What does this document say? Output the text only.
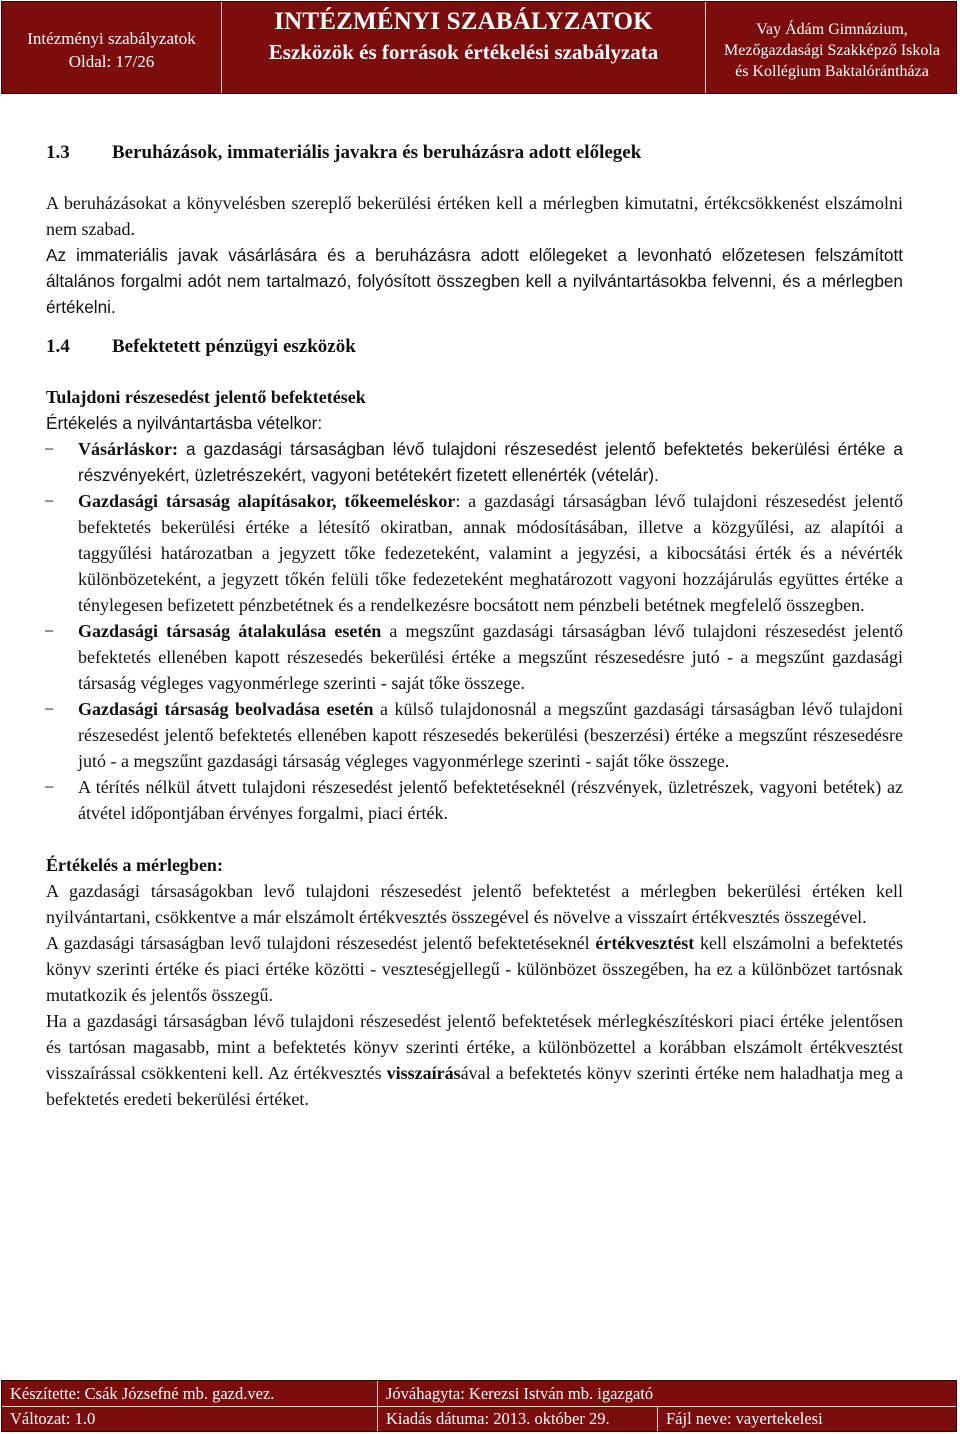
Intézményi szabályzatok
Oldal: 17/26
INTÉZMÉNYI SZABÁLYZATOK
Eszközök és források értékelési szabályzata
Vay Ádám Gimnázium,
Mezőgazdasági Szakképző Iskola
és Kollégium Baktalórántháza
1.3	Beruházások, immateriális javakra és beruházásra adott előlegek

A beruházásokat a könyvelésben szereplő bekerülési értéken kell a mérlegben kimutatni, értékcsökkenést elszámolni nem szabad.

Az immateriális javak vásárlására és a beruházásra adott előlegeket a levonható előzetesen felszámított általános forgalmi adót nem tartalmazó, folyósított összegben kell a nyilvántartásokba felvenni, és a mérlegben értékelni.

1.4	Befektetett pénzügyi eszközök

Tulajdoni részesedést jelentő befektetések

Értékelés a nyilvántartásba vételkor:

− Vásárláskor: a gazdasági társaságban lévő tulajdoni részesedést jelentő befektetés bekerülési értéke a részvényekért, üzletrészekért, vagyoni betétekért fizetett ellenérték (vételár).
− Gazdasági társaság alapításakor, tőkeemeléskor: a gazdasági társaságban lévő tulajdoni részesedést jelentő befektetés bekerülési értéke a létesítő okiratban, annak módosításában, illetve a közgyűlési, az alapítói a taggyűlési határozatban a jegyzett tőke fedezeteként, valamint a jegyzési, a kibocsátási érték és a névérték különbözeteként, a jegyzett tőkén felüli tőke fedezeteként meghatározott vagyoni hozzájárulás együttes értéke a ténylegesen befizetett pénzbetétnek és a rendelkezésre bocsátott nem pénzbeli betétnek megfelelő összegben.
− Gazdasági társaság átalakulása esetén a megszűnt gazdasági társaságban lévő tulajdoni részesedést jelentő befektetés ellenében kapott részesedés bekerülési értéke a megszűnt részesedésre jutó - a megszűnt gazdasági társaság végleges vagyonmérlege szerinti - saját tőke összege.
− Gazdasági társaság beolvadása esetén a külső tulajdonosnál a megszűnt gazdasági társaságban lévő tulajdoni részesedést jelentő befektetés ellenében kapott részesedés bekerülési (beszerzési) értéke a megszűnt részesedésre jutó - a megszűnt gazdasági társaság végleges vagyonmérlege szerinti - saját tőke összege.
− A térítés nélkül átvett tulajdoni részesedést jelentő befektetéseknél (részvények, üzletrészek, vagyoni betétek) az átvétel időpontjában érvényes forgalmi, piaci érték.

Értékelés a mérlegben:

A gazdasági társaságokban levő tulajdoni részesedést jelentő befektetést a mérlegben bekerülési értéken kell nyilvántartani, csökkentve a már elszámolt értékvesztés összegével és növelve a visszaírt értékvesztés összegével.

A gazdasági társaságban levő tulajdoni részesedést jelentő befektetéseknél értékvesztést kell elszámolni a befektetés könyv szerinti értéke és piaci értéke közötti - veszteségjellegű - különbözet összegében, ha ez a különbözet tartósnak mutatkozik és jelentős összegű.

Ha a gazdasági társaságban lévő tulajdoni részesedést jelentő befektetések mérlegkészítéskori piaci értéke jelentősen és tartósan magasabb, mint a befektetés könyv szerinti értéke, a különbözettel a korábban elszámolt értékvesztést visszaírással csökkenteni kell. Az értékvesztés visszaírásával a befektetés könyv szerinti értéke nem haladhatja meg a befektetés eredeti bekerülési értéket.

Készítette: Csák Józsefné mb. gazd.vez.	Jóváhagyta: Kerezsi István mb. igazgató
Változat: 1.0	Kiadás dátuma: 2013. október 29.	Fájl neve: vayertekelesi
